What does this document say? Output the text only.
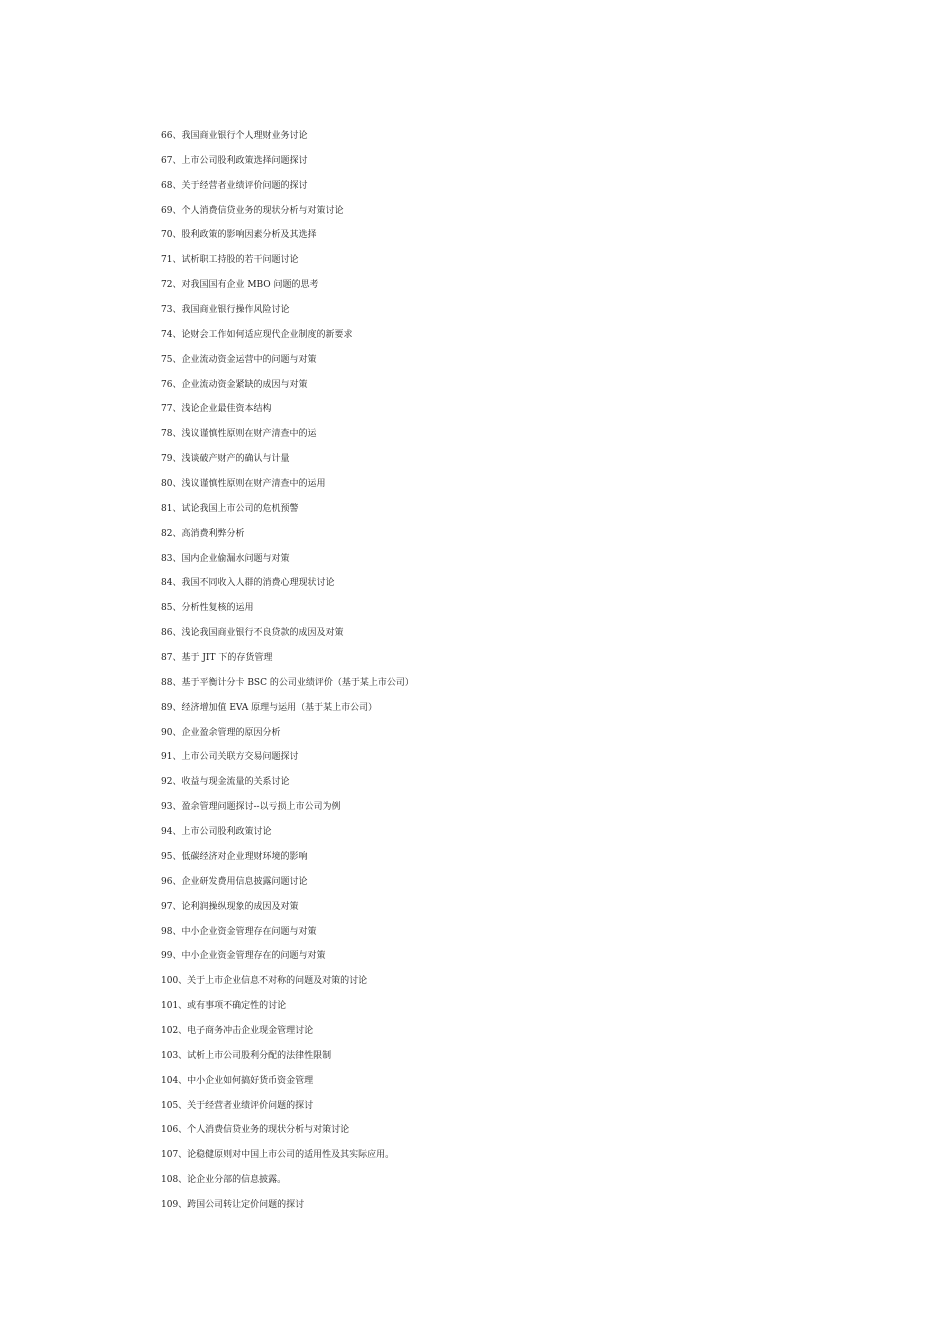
66、我国商业银行个人理财业务讨论
67、上市公司股利政策选择问题探讨
68、关于经营者业绩评价问题的探讨
69、个人消费信贷业务的现状分析与对策讨论
70、股利政策的影响因素分析及其选择
71、试析职工持股的若干问题讨论
72、对我国国有企业 MBO 问题的思考
73、我国商业银行操作风险讨论
74、论财会工作如何适应现代企业制度的新要求
75、企业流动资金运营中的问题与对策
76、企业流动资金紧缺的成因与对策
77、浅论企业最佳资本结构
78、浅议谨慎性原则在财产清查中的运
79、浅谈破产财产的确认与计量
80、浅议谨慎性原则在财产清查中的运用
81、试论我国上市公司的危机预警
82、高消费利弊分析
83、国内企业偷漏水问题与对策
84、我国不同收入人群的消费心理现状讨论
85、分析性复核的运用
86、浅论我国商业银行不良贷款的成因及对策
87、基于 JIT 下的存货管理
88、基于平衡计分卡 BSC 的公司业绩评价（基于某上市公司）
89、经济增加值 EVA 原理与运用（基于某上市公司）
90、企业盈余管理的原因分析
91、上市公司关联方交易问题探讨
92、收益与现金流量的关系讨论
93、盈余管理问题探讨--以亏损上市公司为例
94、上市公司股利政策讨论
95、低碳经济对企业理财环境的影响
96、企业研发费用信息披露问题讨论
97、论利润操纵现象的成因及对策
98、中小企业资金管理存在问题与对策
99、中小企业资金管理存在的问题与对策
100、关于上市企业信息不对称的问题及对策的讨论
101、或有事项不确定性的讨论
102、电子商务冲击企业现金管理讨论
103、试析上市公司股利分配的法律性限制
104、中小企业如何搞好货币资金管理
105、关于经营者业绩评价问题的探讨
106、个人消费信贷业务的现状分析与对策讨论
107、论稳健原则对中国上市公司的适用性及其实际应用。
108、论企业分部的信息披露。
109、跨国公司转让定价问题的探讨
